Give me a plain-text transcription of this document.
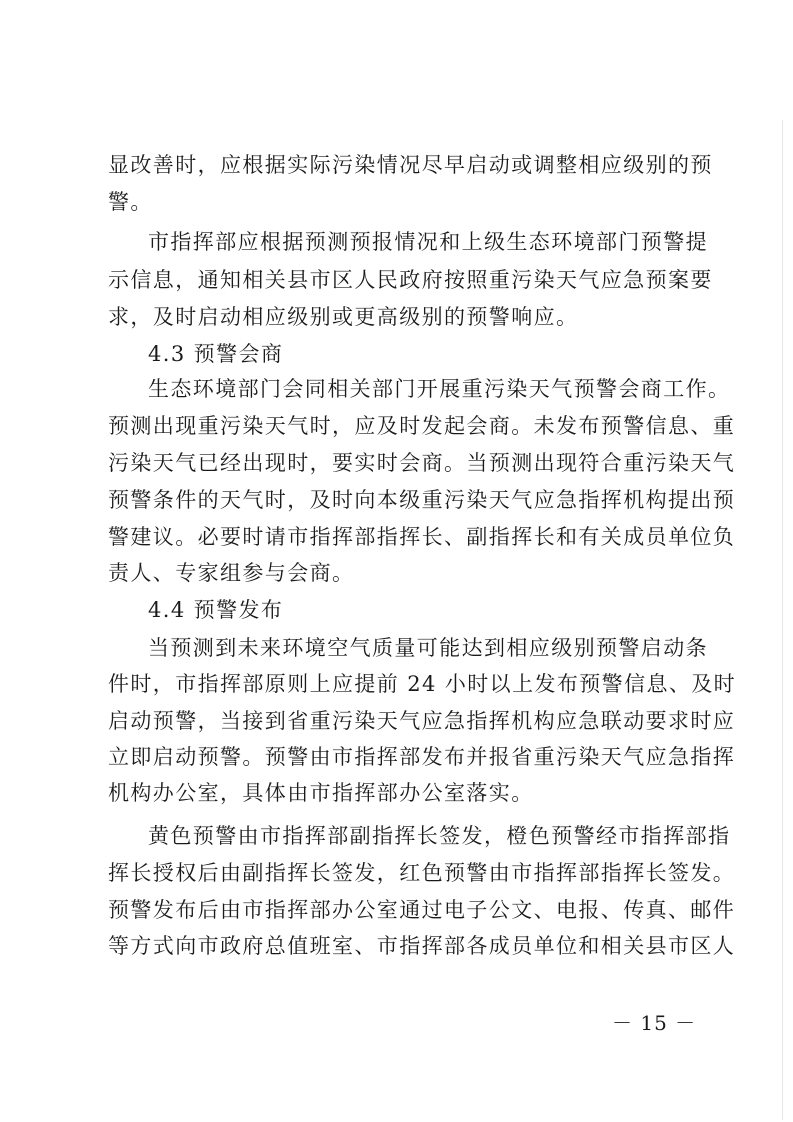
显改善时，应根据实际污染情况尽早启动或调整相应级别的预
警。
市指挥部应根据预测预报情况和上级生态环境部门预警提
示信息，通知相关县市区人民政府按照重污染天气应急预案要
求，及时启动相应级别或更高级别的预警响应。
4.3 预警会商
生态环境部门会同相关部门开展重污染天气预警会商工作。
预测出现重污染天气时，应及时发起会商。未发布预警信息、重
污染天气已经出现时，要实时会商。当预测出现符合重污染天气
预警条件的天气时，及时向本级重污染天气应急指挥机构提出预
警建议。必要时请市指挥部指挥长、副指挥长和有关成员单位负
责人、专家组参与会商。
4.4 预警发布
当预测到未来环境空气质量可能达到相应级别预警启动条
件时，市指挥部原则上应提前 24 小时以上发布预警信息、及时
启动预警，当接到省重污染天气应急指挥机构应急联动要求时应
立即启动预警。预警由市指挥部发布并报省重污染天气应急指挥
机构办公室，具体由市指挥部办公室落实。
黄色预警由市指挥部副指挥长签发，橙色预警经市指挥部指
挥长授权后由副指挥长签发，红色预警由市指挥部指挥长签发。
预警发布后由市指挥部办公室通过电子公文、电报、传真、邮件
等方式向市政府总值班室、市指挥部各成员单位和相关县市区人
－ 15 －
